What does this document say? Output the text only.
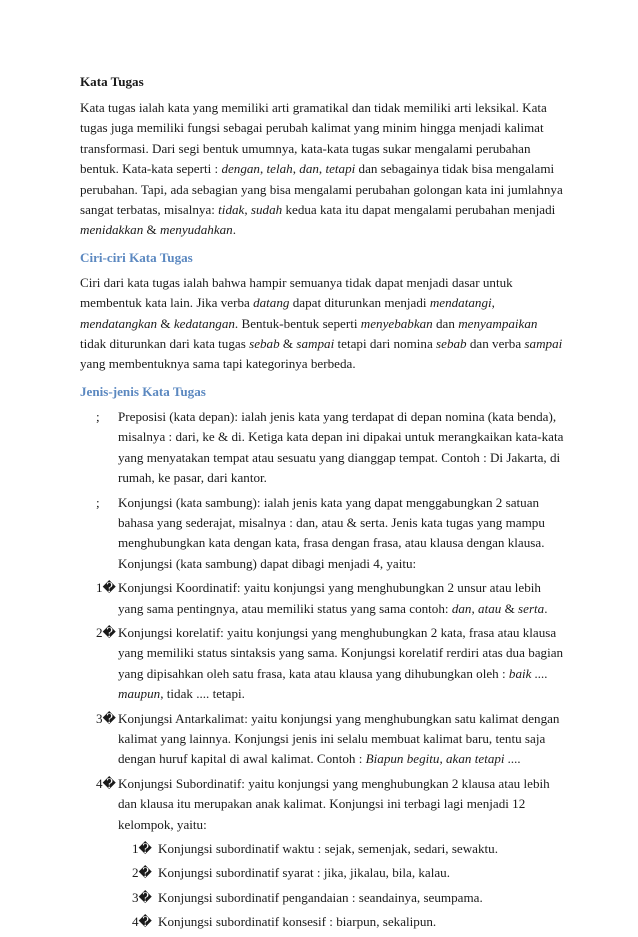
Kata Tugas

Kata tugas ialah kata yang memiliki arti gramatikal dan tidak memiliki arti leksikal. Kata tugas juga memiliki fungsi sebagai perubah kalimat yang minim hingga menjadi kalimat transformasi. Dari segi bentuk umumnya, kata-kata tugas sukar mengalami perubahan bentuk. Kata-kata seperti : dengan, telah, dan, tetapi dan sebagainya tidak bisa mengalami perubahan. Tapi, ada sebagian yang bisa mengalami perubahan golongan kata ini jumlahnya sangat terbatas, misalnya: tidak, sudah kedua kata itu dapat mengalami perubahan menjadi menidakkan & menyudahkan.

Ciri-ciri Kata Tugas

Ciri dari kata tugas ialah bahwa hampir semuanya tidak dapat menjadi dasar untuk membentuk kata lain. Jika verba datang dapat diturunkan menjadi mendatangi, mendatangkan & kedatangan. Bentuk-bentuk seperti menyebabkan dan menyampaikan tidak diturunkan dari kata tugas sebab & sampai tetapi dari nomina sebab dan verba sampai yang membentuknya sama tapi kategorinya berbeda.

Jenis-jenis Kata Tugas
;	Preposisi (kata depan): ialah jenis kata yang terdapat di depan nomina (kata benda), misalnya : dari, ke & di. Ketiga kata depan ini dipakai untuk merangkaikan kata-kata yang menyatakan tempat atau sesuatu yang dianggap tempat. Contoh : Di Jakarta, di rumah, ke pasar, dari kantor.
;	Konjungsi (kata sambung): ialah jenis kata yang dapat menggabungkan 2 satuan bahasa yang sederajat, misalnya : dan, atau & serta. Jenis kata tugas yang mampu menghubungkan kata dengan kata, frasa dengan frasa, atau klausa dengan klausa. Konjungsi (kata sambung) dapat dibagi menjadi 4, yaitu:
1� Konjungsi Koordinatif: yaitu konjungsi yang menghubungkan 2 unsur atau lebih yang sama pentingnya, atau memiliki status yang sama contoh: dan, atau & serta.
2� Konjungsi korelatif: yaitu konjungsi yang menghubungkan 2 kata, frasa atau klausa yang memiliki status sintaksis yang sama. Konjungsi korelatif rerdiri atas dua bagian yang dipisahkan oleh satu frasa, kata atau klausa yang dihubungkan oleh : baik .... maupun, tidak .... tetapi.
3� Konjungsi Antarkalimat: yaitu konjungsi yang menghubungkan satu kalimat dengan kalimat yang lainnya. Konjungsi jenis ini selalu membuat kalimat baru, tentu saja dengan huruf kapital di awal kalimat. Contoh : Biapun begitu, akan tetapi ....
4� Konjungsi Subordinatif: yaitu konjungsi yang menghubungkan 2 klausa atau lebih dan klausa itu merupakan anak kalimat. Konjungsi ini terbagi lagi menjadi 12 kelompok, yaitu:
1� Konjungsi subordinatif waktu : sejak, semenjak, sedari, sewaktu.
2� Konjungsi subordinatif syarat : jika, jikalau, bila, kalau.
3� Konjungsi subordinatif pengandaian : seandainya, seumpama.
4� Konjungsi subordinatif konsesif : biarpun, sekalipun.
